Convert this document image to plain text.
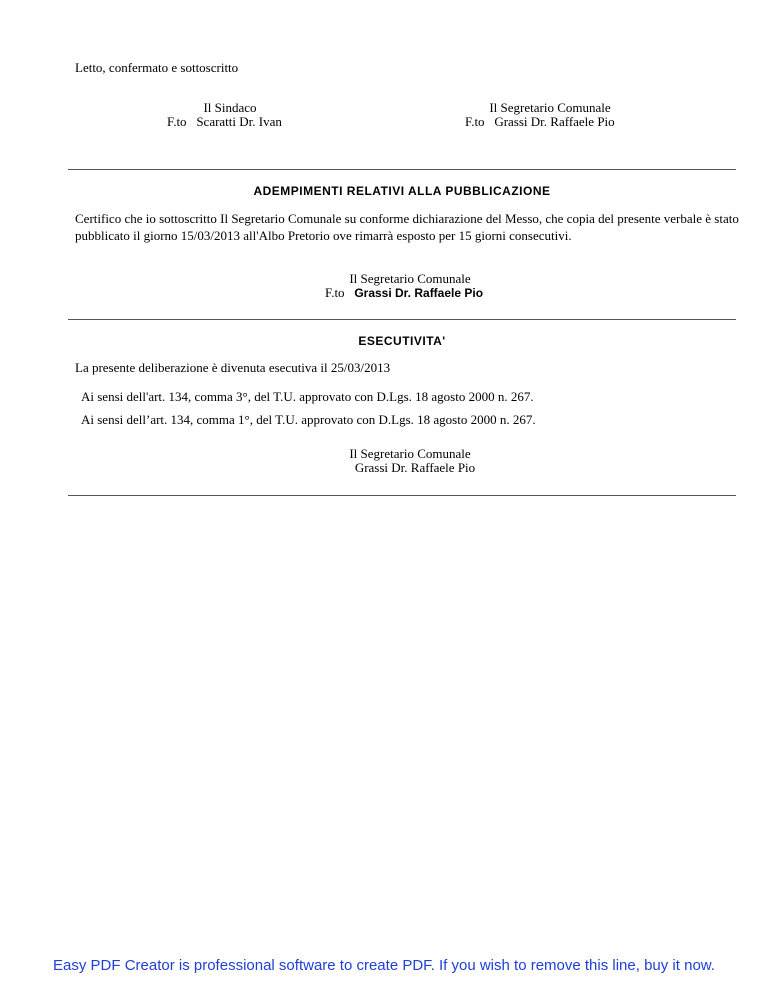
Letto, confermato e sottoscritto
Il Sindaco
F.to Scaratti Dr. Ivan
Il Segretario Comunale
F.to Grassi Dr. Raffaele Pio
ADEMPIMENTI RELATIVI ALLA PUBBLICAZIONE
Certifico che io sottoscritto Il Segretario Comunale su conforme dichiarazione del Messo, che copia del presente verbale è stato pubblicato il giorno 15/03/2013 all'Albo Pretorio ove rimarrà esposto per 15 giorni consecutivi.
Il Segretario Comunale
F.to Grassi Dr. Raffaele Pio
ESECUTIVITA'
La presente deliberazione è divenuta esecutiva il 25/03/2013
Ai sensi dell'art. 134, comma 3°, del T.U. approvato con D.Lgs. 18 agosto 2000 n. 267.
Ai sensi dell’art. 134, comma 1°, del T.U. approvato con D.Lgs. 18 agosto 2000 n. 267.
Il Segretario Comunale
Grassi Dr. Raffaele Pio
Easy PDF Creator is professional software to create PDF. If you wish to remove this line, buy it now.
